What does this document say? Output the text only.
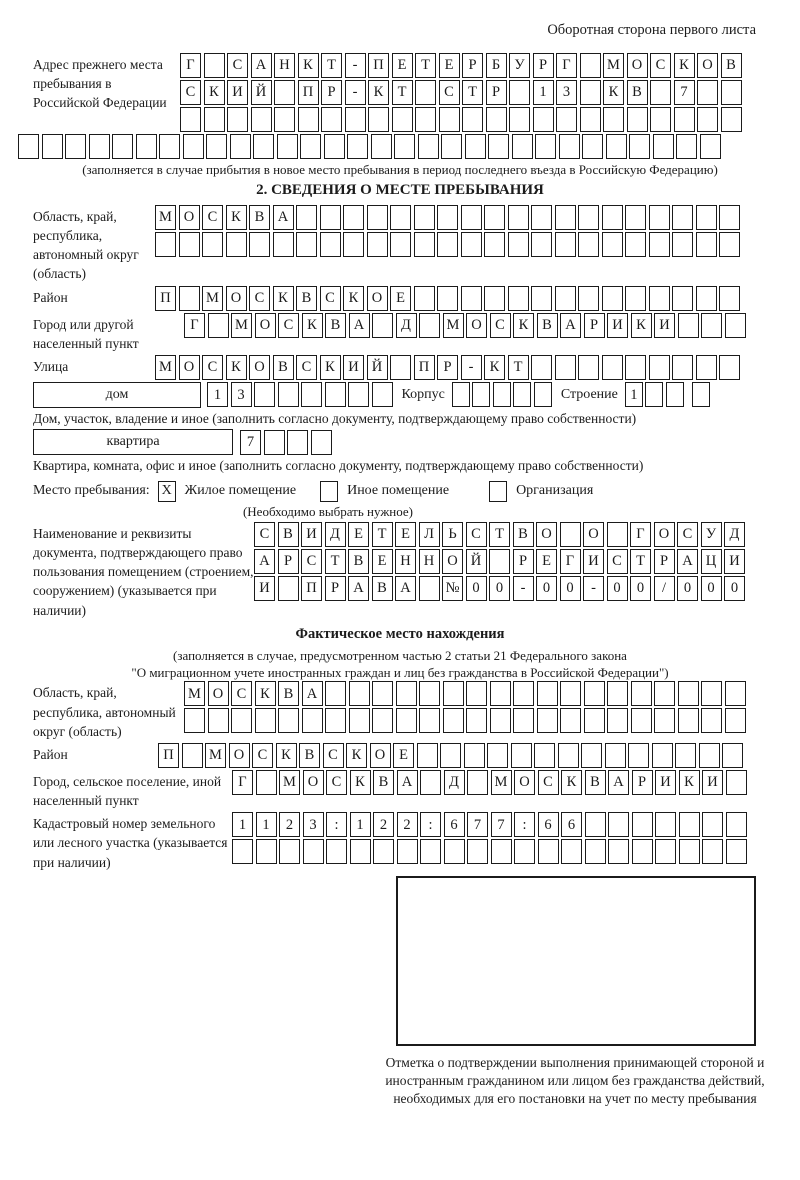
Оборотная сторона первого листа
Адрес прежнего места пребывания в Российской Федерации
Г	С А Н К Т	-	П Е	Т	Е	Р	Б У Р	Г	М О С К О В
С К И Й	П Р	-	К Т	С Т	Р	1	3	К В	7
(заполняется в случае прибытия в новое место пребывания в период последнего въезда в Российскую Федерацию)
2. СВЕДЕНИЯ О МЕСТЕ ПРЕБЫВАНИЯ
Область, край, республика, автономный округ (область)
М О С К В А
Район	П	М О С К В С К О Е
Город или другой населенный пункт
Г	М О С К В А	Д	М О С К В А Р И К И
Улица	М О С К О В С К И Й	П Р	-	К Т
дом	1	3	Корпус	Строение 1
Дом, участок, владение и иное (заполнить согласно документу, подтверждающему право собственности)
квартира	7
Квартира, комната, офис и иное (заполнить согласно документу, подтверждающему право собственности)
Место пребывания: X Жилое помещение	Иное помещение	Организация
(Необходимо выбрать нужное)
Наименование и реквизиты документа, подтверждающего право пользования помещением (строением, сооружением) (указывается при наличии)
С В И Д Е	Т	Е Л Ь	С Т В О	О	Г О С У Д
А Р	С Т В Е Н Н О Й	Р	Е	Г И С Т	Р А Ц И
И	П Р А В А	№ 0	0	-	0	0	-	0	0	/	0	0	0
Фактическое место нахождения
(заполняется в случае, предусмотренном частью 2 статьи 21 Федерального закона
"О миграционном учете иностранных граждан и лиц без гражданства в Российской Федерации")
Область, край, республика, автономный округ (область)
М О С К В А
Район	П	М О С К В С К О Е
Город, сельское поселение, иной населенный пункт
Г	М О С К В А	Д	М О С К В А Р И К И
Кадастровый номер земельного или лесного участка (указывается при наличии)
1	1	2	3	:	1	2	2	:	6	7	7	:	6	6
Отметка о подтверждении выполнения принимающей стороной и иностранным гражданином или лицом без гражданства действий, необходимых для его постановки на учет по месту пребывания
